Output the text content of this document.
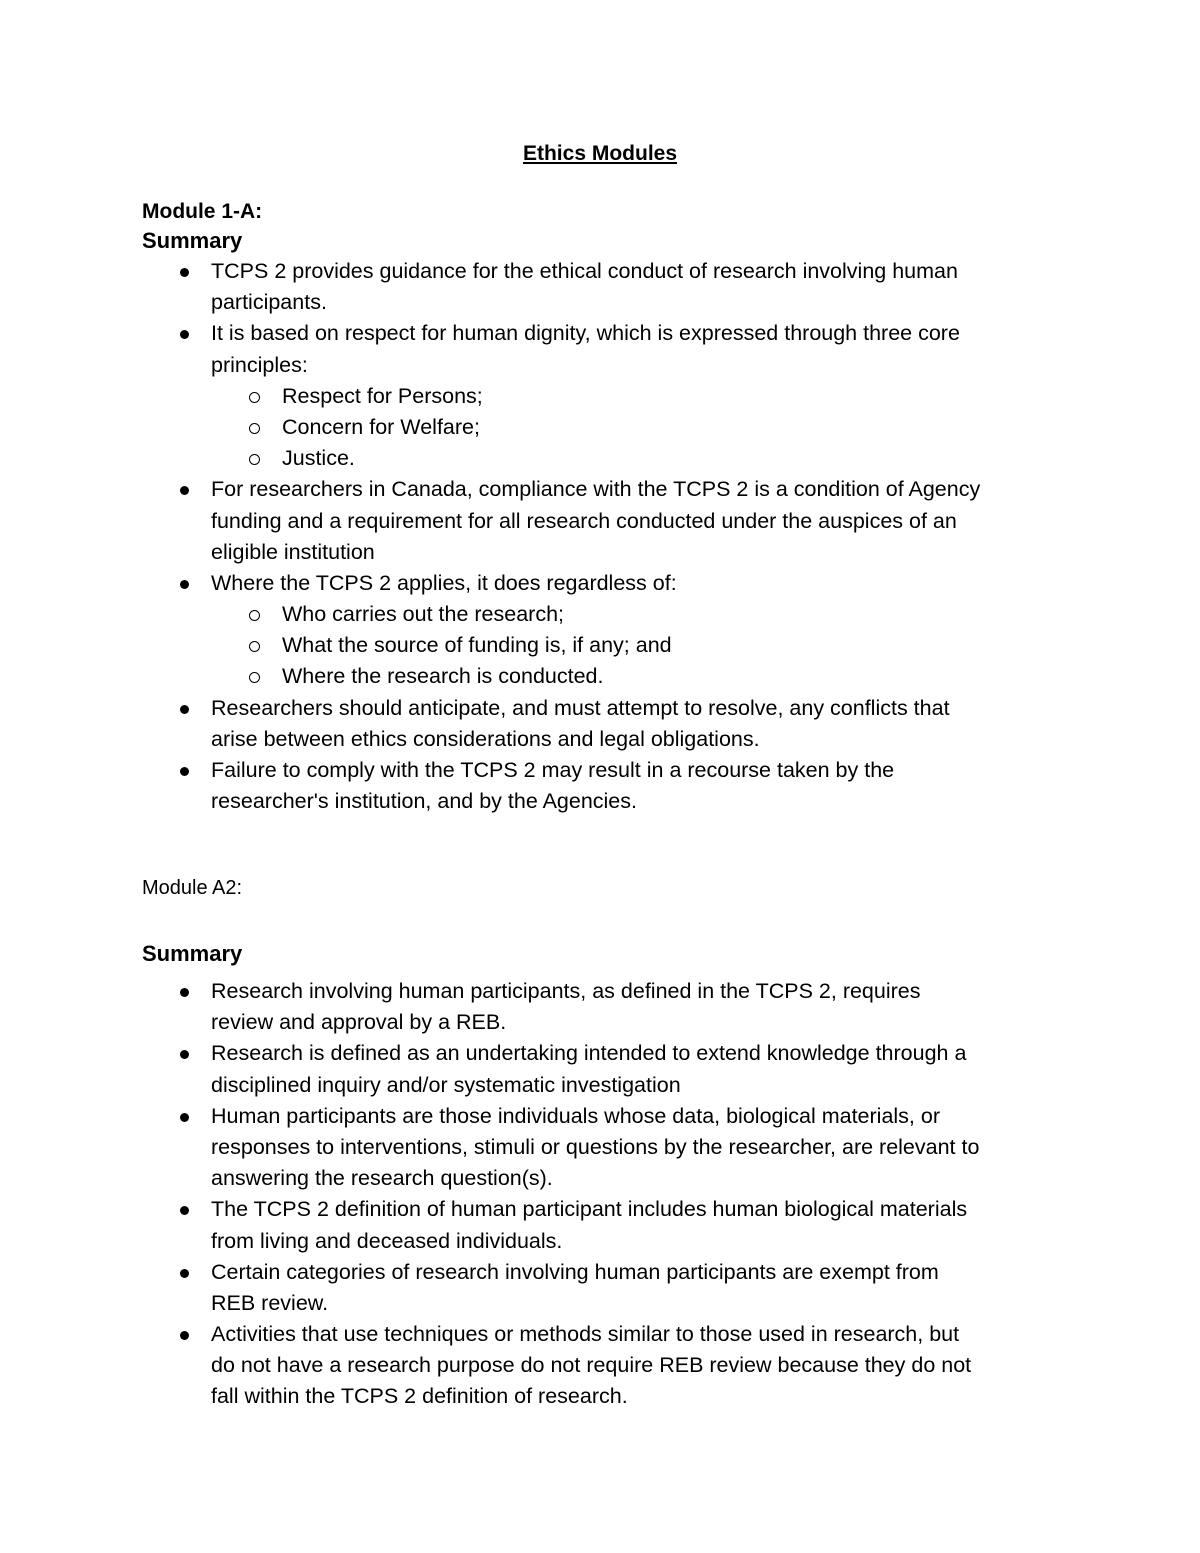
Ethics Modules
Module 1-A:
Summary
TCPS 2 provides guidance for the ethical conduct of research involving human
participants.
It is based on respect for human dignity, which is expressed through three core
principles:
Respect for Persons;
Concern for Welfare;
Justice.
For researchers in Canada, compliance with the TCPS 2 is a condition of Agency
funding and a requirement for all research conducted under the auspices of an
eligible institution
Where the TCPS 2 applies, it does regardless of:
Who carries out the research;
What the source of funding is, if any; and
Where the research is conducted.
Researchers should anticipate, and must attempt to resolve, any conflicts that
arise between ethics considerations and legal obligations.
Failure to comply with the TCPS 2 may result in a recourse taken by the
researcher's institution, and by the Agencies.
Module A2:
Summary
Research involving human participants, as defined in the TCPS 2, requires
review and approval by a REB.
Research is defined as an undertaking intended to extend knowledge through a
disciplined inquiry and/or systematic investigation
Human participants are those individuals whose data, biological materials, or
responses to interventions, stimuli or questions by the researcher, are relevant to
answering the research question(s).
The TCPS 2 definition of human participant includes human biological materials
from living and deceased individuals.
Certain categories of research involving human participants are exempt from
REB review.
Activities that use techniques or methods similar to those used in research, but
do not have a research purpose do not require REB review because they do not
fall within the TCPS 2 definition of research.
